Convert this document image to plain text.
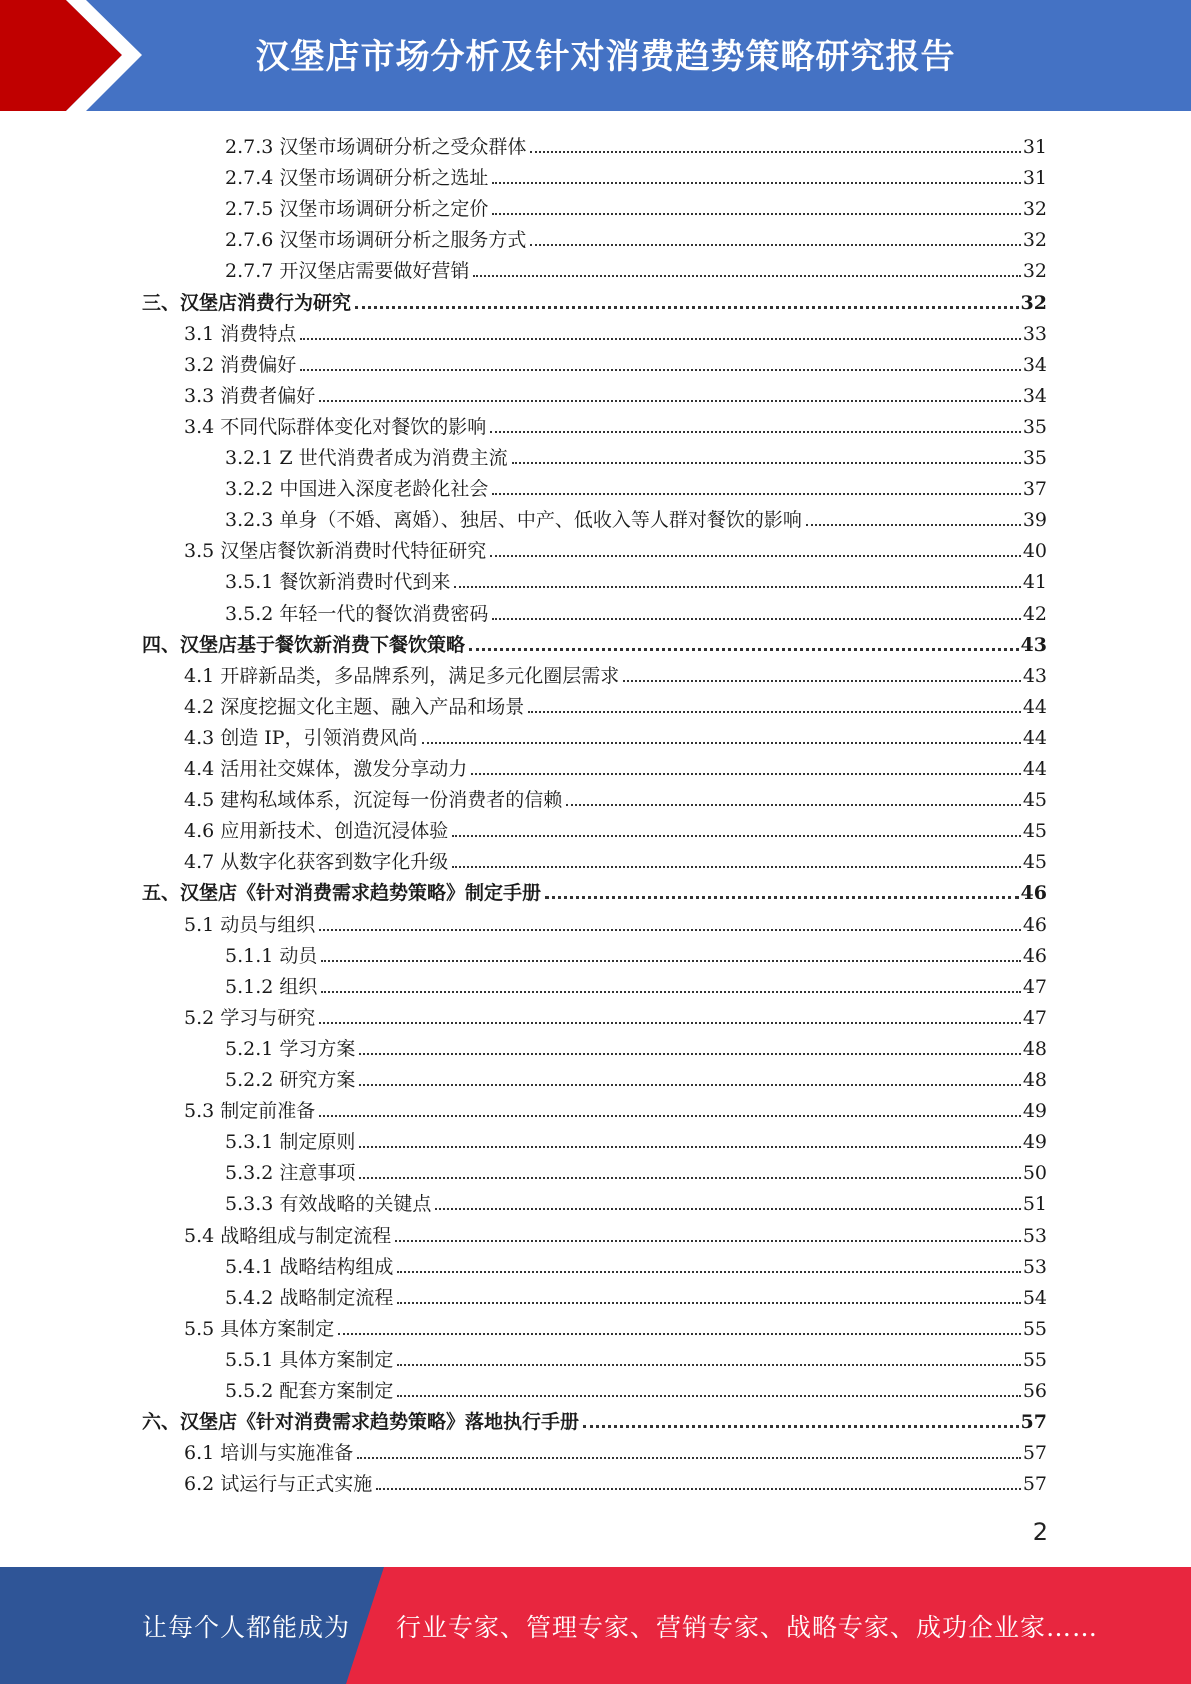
汉堡店市场分析及针对消费趋势策略研究报告
2.7.3 汉堡市场调研分析之受众群体	31
2.7.4 汉堡市场调研分析之选址	31
2.7.5 汉堡市场调研分析之定价	32
2.7.6 汉堡市场调研分析之服务方式	32
2.7.7 开汉堡店需要做好营销	32
三、汉堡店消费行为研究	32
3.1 消费特点	33
3.2 消费偏好	34
3.3 消费者偏好	34
3.4 不同代际群体变化对餐饮的影响	35
3.2.1 Z 世代消费者成为消费主流	35
3.2.2 中国进入深度老龄化社会	37
3.2.3 单身（不婚、离婚）、独居、中产、低收入等人群对餐饮的影响	39
3.5 汉堡店餐饮新消费时代特征研究	40
3.5.1 餐饮新消费时代到来	41
3.5.2 年轻一代的餐饮消费密码	42
四、汉堡店基于餐饮新消费下餐饮策略	43
4.1 开辟新品类，多品牌系列，满足多元化圈层需求	43
4.2 深度挖掘文化主题、融入产品和场景	44
4.3 创造 IP，引领消费风尚	44
4.4 活用社交媒体，激发分享动力	44
4.5 建构私域体系，沉淀每一份消费者的信赖	45
4.6 应用新技术、创造沉浸体验	45
4.7 从数字化获客到数字化升级	45
五、汉堡店《针对消费需求趋势策略》制定手册	46
5.1 动员与组织	46
5.1.1 动员	46
5.1.2 组织	47
5.2 学习与研究	47
5.2.1 学习方案	48
5.2.2 研究方案	48
5.3 制定前准备	49
5.3.1 制定原则	49
5.3.2 注意事项	50
5.3.3 有效战略的关键点	51
5.4 战略组成与制定流程	53
5.4.1 战略结构组成	53
5.4.2 战略制定流程	54
5.5 具体方案制定	55
5.5.1 具体方案制定	55
5.5.2 配套方案制定	56
六、汉堡店《针对消费需求趋势策略》落地执行手册	57
6.1 培训与实施准备	57
6.2 试运行与正式实施	57
2
让每个人都能成为 行业专家、管理专家、营销专家、战略专家、成功企业家……
